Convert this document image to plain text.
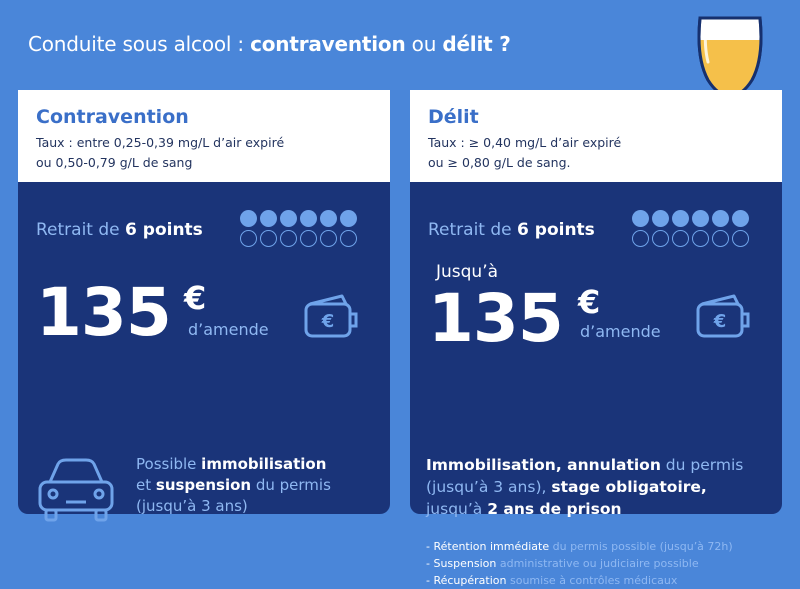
Conduite sous alcool : contravention ou délit ?
Contravention
Taux : entre 0,25-0,39 mg/L d’air expiré
ou 0,50-0,79 g/L de sang
Retrait de 6 points
135 €
d’amende	€
Possible immobilisation
et suspension du permis
(jusqu’à 3 ans)
Délit
Taux : ≥ 0,40 mg/L d’air expiré
ou ≥ 0,80 g/L de sang.
Retrait de 6 points
Jusqu’à
135 €
d’amende	€
Immobilisation, annulation du permis
(jusqu’à 3 ans), stage obligatoire,
jusqu’à 2 ans de prison
- Rétention immédiate du permis possible (jusqu’à 72h)
- Suspension administrative ou judiciaire possible
- Récupération soumise à contrôles médicaux
